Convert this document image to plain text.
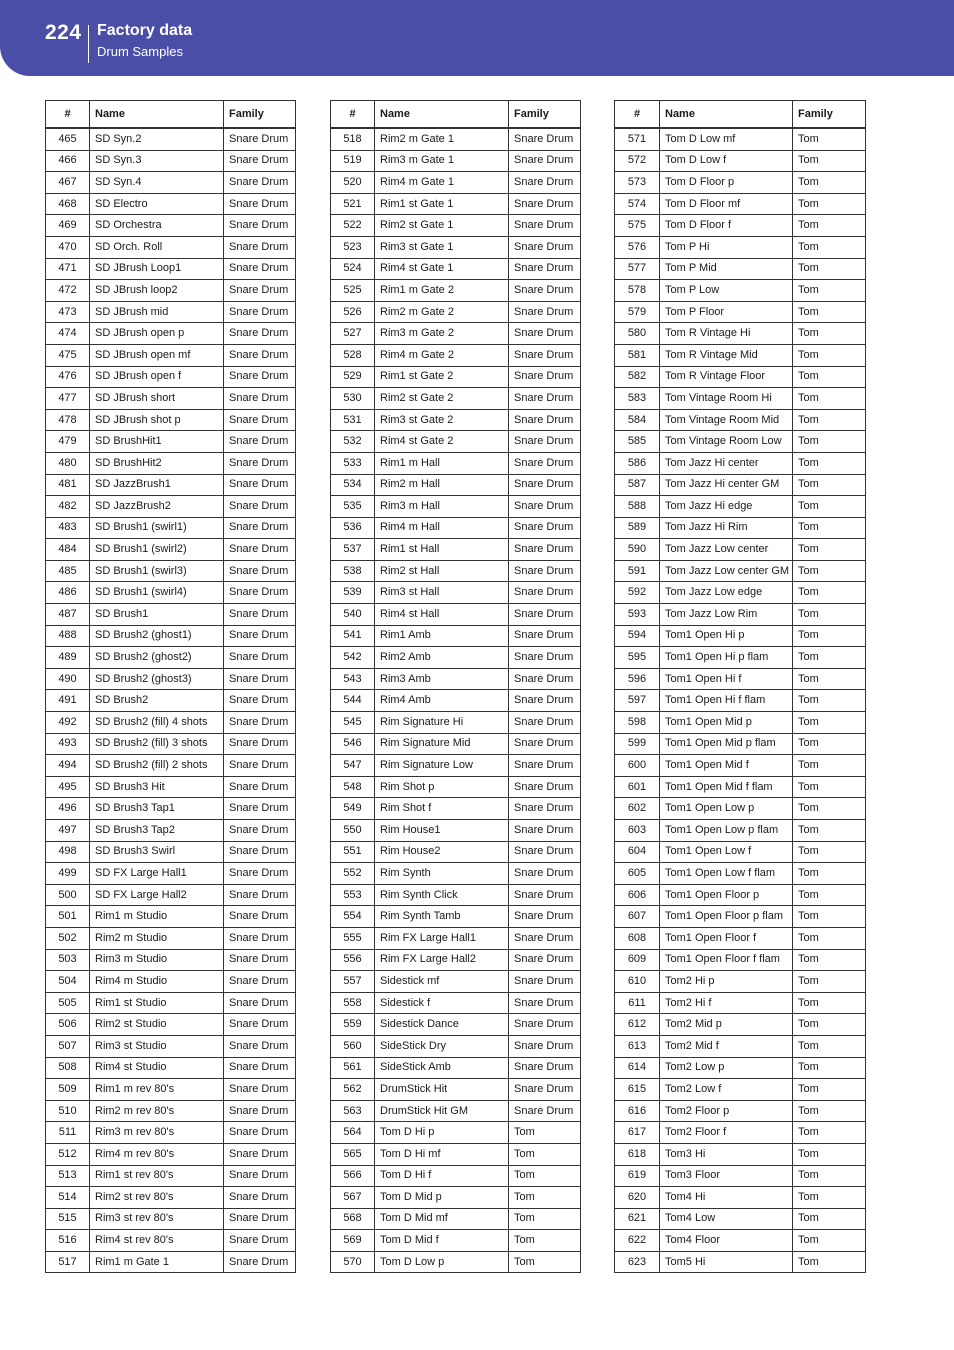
224 Factory data
Drum Samples
#	Name	Family
465	SD Syn.2	Snare Drum
466	SD Syn.3	Snare Drum
467	SD Syn.4	Snare Drum
468	SD Electro	Snare Drum
469	SD Orchestra	Snare Drum
470	SD Orch. Roll	Snare Drum
471	SD JBrush Loop1	Snare Drum
472	SD JBrush loop2	Snare Drum
473	SD JBrush mid	Snare Drum
474	SD JBrush open p	Snare Drum
475	SD JBrush open mf	Snare Drum
476	SD JBrush open f	Snare Drum
477	SD JBrush short	Snare Drum
478	SD JBrush shot p	Snare Drum
479	SD BrushHit1	Snare Drum
480	SD BrushHit2	Snare Drum
481	SD JazzBrush1	Snare Drum
482	SD JazzBrush2	Snare Drum
483	SD Brush1 (swirl1)	Snare Drum
484	SD Brush1 (swirl2)	Snare Drum
485	SD Brush1 (swirl3)	Snare Drum
486	SD Brush1 (swirl4)	Snare Drum
487	SD Brush1	Snare Drum
488	SD Brush2 (ghost1)	Snare Drum
489	SD Brush2 (ghost2)	Snare Drum
490	SD Brush2 (ghost3)	Snare Drum
491	SD Brush2	Snare Drum
492	SD Brush2 (fill) 4 shots	Snare Drum
493	SD Brush2 (fill) 3 shots	Snare Drum
494	SD Brush2 (fill) 2 shots	Snare Drum
495	SD Brush3 Hit	Snare Drum
496	SD Brush3 Tap1	Snare Drum
497	SD Brush3 Tap2	Snare Drum
498	SD Brush3 Swirl	Snare Drum
499	SD FX Large Hall1	Snare Drum
500	SD FX Large Hall2	Snare Drum
501	Rim1 m Studio	Snare Drum
502	Rim2 m Studio	Snare Drum
503	Rim3 m Studio	Snare Drum
504	Rim4 m Studio	Snare Drum
505	Rim1 st Studio	Snare Drum
506	Rim2 st Studio	Snare Drum
507	Rim3 st Studio	Snare Drum
508	Rim4 st Studio	Snare Drum
509	Rim1 m rev 80's	Snare Drum
510	Rim2 m rev 80's	Snare Drum
511	Rim3 m rev 80's	Snare Drum
512	Rim4 m rev 80's	Snare Drum
513	Rim1 st rev 80's	Snare Drum
514	Rim2 st rev 80's	Snare Drum
515	Rim3 st rev 80's	Snare Drum
516	Rim4 st rev 80's	Snare Drum
517	Rim1 m Gate 1	Snare Drum
#	Name	Family
518	Rim2 m Gate 1	Snare Drum
519	Rim3 m Gate 1	Snare Drum
520	Rim4 m Gate 1	Snare Drum
521	Rim1 st Gate 1	Snare Drum
522	Rim2 st Gate 1	Snare Drum
523	Rim3 st Gate 1	Snare Drum
524	Rim4 st Gate 1	Snare Drum
525	Rim1 m Gate 2	Snare Drum
526	Rim2 m Gate 2	Snare Drum
527	Rim3 m Gate 2	Snare Drum
528	Rim4 m Gate 2	Snare Drum
529	Rim1 st Gate 2	Snare Drum
530	Rim2 st Gate 2	Snare Drum
531	Rim3 st Gate 2	Snare Drum
532	Rim4 st Gate 2	Snare Drum
533	Rim1 m Hall	Snare Drum
534	Rim2 m Hall	Snare Drum
535	Rim3 m Hall	Snare Drum
536	Rim4 m Hall	Snare Drum
537	Rim1 st Hall	Snare Drum
538	Rim2 st Hall	Snare Drum
539	Rim3 st Hall	Snare Drum
540	Rim4 st Hall	Snare Drum
541	Rim1 Amb	Snare Drum
542	Rim2 Amb	Snare Drum
543	Rim3 Amb	Snare Drum
544	Rim4 Amb	Snare Drum
545	Rim Signature Hi	Snare Drum
546	Rim Signature Mid	Snare Drum
547	Rim Signature Low	Snare Drum
548	Rim Shot p	Snare Drum
549	Rim Shot f	Snare Drum
550	Rim House1	Snare Drum
551	Rim House2	Snare Drum
552	Rim Synth	Snare Drum
553	Rim Synth Click	Snare Drum
554	Rim Synth Tamb	Snare Drum
555	Rim FX Large Hall1	Snare Drum
556	Rim FX Large Hall2	Snare Drum
557	Sidestick mf	Snare Drum
558	Sidestick f	Snare Drum
559	Sidestick Dance	Snare Drum
560	SideStick Dry	Snare Drum
561	SideStick Amb	Snare Drum
562	DrumStick Hit	Snare Drum
563	DrumStick Hit GM	Snare Drum
564	Tom D Hi p	Tom
565	Tom D Hi mf	Tom
566	Tom D Hi f	Tom
567	Tom D Mid p	Tom
568	Tom D Mid mf	Tom
569	Tom D Mid f	Tom
570	Tom D Low p	Tom
#	Name	Family
571	Tom D Low mf	Tom
572	Tom D Low f	Tom
573	Tom D Floor p	Tom
574	Tom D Floor mf	Tom
575	Tom D Floor f	Tom
576	Tom P Hi	Tom
577	Tom P Mid	Tom
578	Tom P Low	Tom
579	Tom P Floor	Tom
580	Tom R Vintage Hi	Tom
581	Tom R Vintage Mid	Tom
582	Tom R Vintage Floor	Tom
583	Tom Vintage Room Hi	Tom
584	Tom Vintage Room Mid	Tom
585	Tom Vintage Room Low	Tom
586	Tom Jazz Hi center	Tom
587	Tom Jazz Hi center GM	Tom
588	Tom Jazz Hi edge	Tom
589	Tom Jazz Hi Rim	Tom
590	Tom Jazz Low center	Tom
591	Tom Jazz Low center GM	Tom
592	Tom Jazz Low edge	Tom
593	Tom Jazz Low Rim	Tom
594	Tom1 Open Hi p	Tom
595	Tom1 Open Hi p flam	Tom
596	Tom1 Open Hi f	Tom
597	Tom1 Open Hi f flam	Tom
598	Tom1 Open Mid p	Tom
599	Tom1 Open Mid p flam	Tom
600	Tom1 Open Mid f	Tom
601	Tom1 Open Mid f flam	Tom
602	Tom1 Open Low p	Tom
603	Tom1 Open Low p flam	Tom
604	Tom1 Open Low f	Tom
605	Tom1 Open Low f flam	Tom
606	Tom1 Open Floor p	Tom
607	Tom1 Open Floor p flam	Tom
608	Tom1 Open Floor f	Tom
609	Tom1 Open Floor f flam	Tom
610	Tom2 Hi p	Tom
611	Tom2 Hi f	Tom
612	Tom2 Mid p	Tom
613	Tom2 Mid f	Tom
614	Tom2 Low p	Tom
615	Tom2 Low f	Tom
616	Tom2 Floor p	Tom
617	Tom2 Floor f	Tom
618	Tom3 Hi	Tom
619	Tom3 Floor	Tom
620	Tom4 Hi	Tom
621	Tom4 Low	Tom
622	Tom4 Floor	Tom
623	Tom5 Hi	Tom
